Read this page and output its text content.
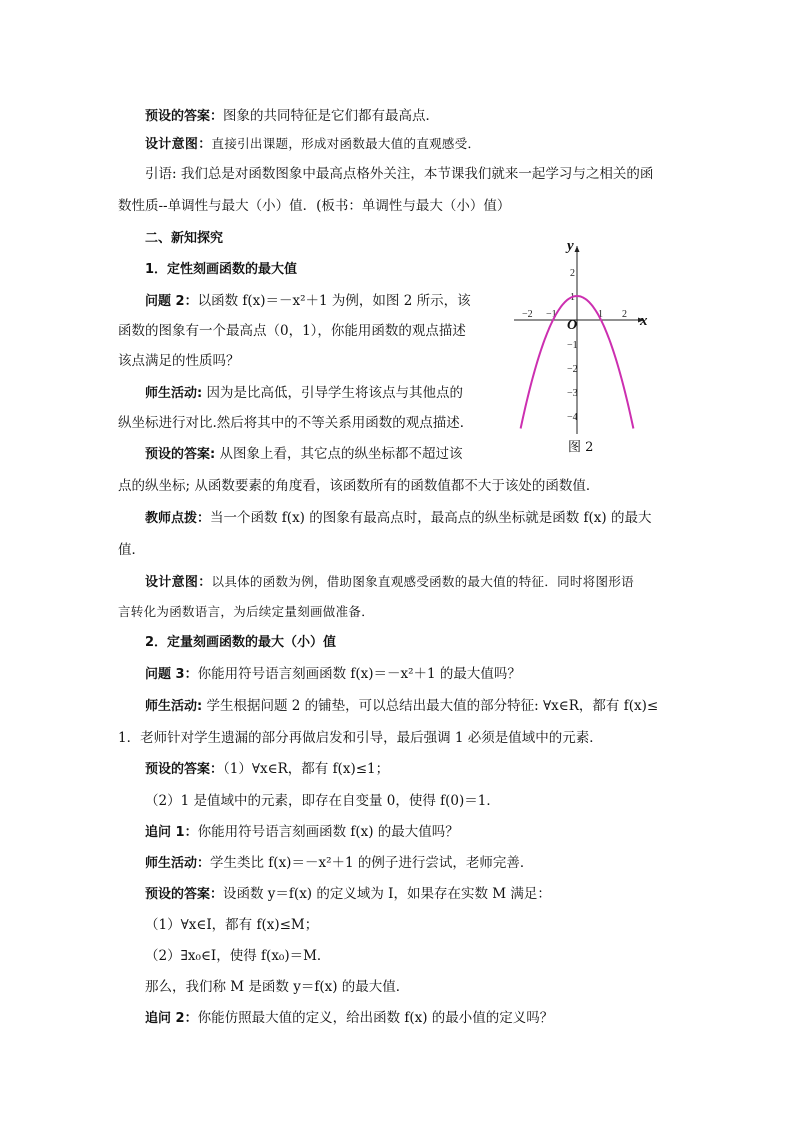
预设的答案：图象的共同特征是它们都有最高点．
设计意图：直接引出课题，形成对函数最大值的直观感受．
引语: 我们总是对函数图象中最高点格外关注，本节课我们就来一起学习与之相关的函
数性质--单调性与最大（小）值．(板书：单调性与最大（小）值）
二、新知探究
1．定性刻画函数的最大值
问题 2：以函数 f(x)＝－x²＋1 为例，如图 2 所示，该
函数的图象有一个最高点（0，1），你能用函数的观点描述
该点满足的性质吗？
师生活动: 因为是比高低，引导学生将该点与其他点的
纵坐标进行对比.然后将其中的不等关系用函数的观点描述．
预设的答案: 从图象上看，其它点的纵坐标都不超过该
点的纵坐标; 从函数要素的角度看，该函数所有的函数值都不大于该处的函数值．
教师点拨：当一个函数 f(x) 的图象有最高点时，最高点的纵坐标就是函数 f(x) 的最大
值．
设计意图：以具体的函数为例，借助图象直观感受函数的最大值的特征．同时将图形语
言转化为函数语言，为后续定量刻画做准备．
2．定量刻画函数的最大（小）值
问题 3：你能用符号语言刻画函数 f(x)＝－x²＋1 的最大值吗？
师生活动: 学生根据问题 2 的铺垫，可以总结出最大值的部分特征: ∀x∈R，都有 f(x)≤
1．老师针对学生遗漏的部分再做启发和引导，最后强调 1 必须是值域中的元素．
预设的答案：（1）∀x∈R，都有 f(x)≤1；
（2）1 是值域中的元素，即存在自变量 0，使得 f(0)＝1．
追问 1：你能用符号语言刻画函数 f(x) 的最大值吗？
师生活动：学生类比 f(x)＝－x²＋1 的例子进行尝试，老师完善．
预设的答案：设函数 y＝f(x) 的定义域为 I，如果存在实数 M 满足：
（1）∀x∈I，都有 f(x)≤M；
（2）∃x₀∈I，使得 f(x₀)＝M．
那么，我们称 M 是函数 y＝f(x) 的最大值．
追问 2：你能仿照最大值的定义，给出函数 f(x) 的最小值的定义吗？
x
y
O
−2 −1	1 2
2
1
−1
−2
−3
−4
图 2
